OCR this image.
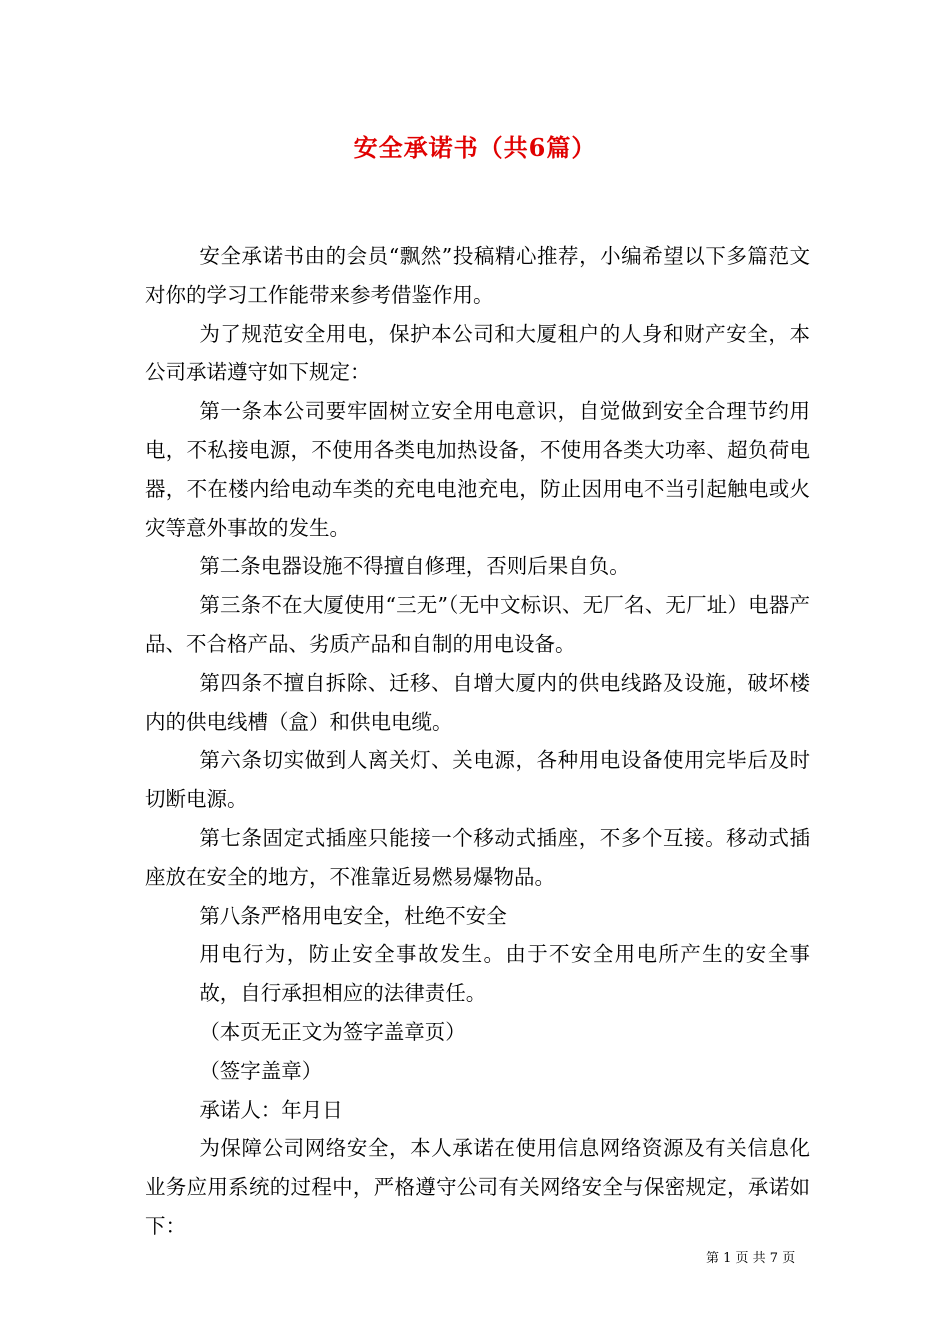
安全承诺书（共6篇）

安全承诺书由的会员“飘然”投稿精心推荐，小编希望以下多篇范文对你的学习工作能带来参考借鉴作用。

为了规范安全用电，保护本公司和大厦租户的人身和财产安全，本公司承诺遵守如下规定：

第一条本公司要牢固树立安全用电意识，自觉做到安全合理节约用电，不私接电源，不使用各类电加热设备，不使用各类大功率、超负荷电器，不在楼内给电动车类的充电电池充电，防止因用电不当引起触电或火灾等意外事故的发生。

第二条电器设施不得擅自修理，否则后果自负。

第三条不在大厦使用“三无”（无中文标识、无厂名、无厂址）电器产品、不合格产品、劣质产品和自制的用电设备。

第四条不擅自拆除、迁移、自增大厦内的供电线路及设施，破坏楼内的供电线槽（盒）和供电电缆。

第六条切实做到人离关灯、关电源，各种用电设备使用完毕后及时切断电源。

第七条固定式插座只能接一个移动式插座，不多个互接。移动式插座放在安全的地方，不准靠近易燃易爆物品。

第八条严格用电安全，杜绝不安全

用电行为，防止安全事故发生。由于不安全用电所产生的安全事故，自行承担相应的法律责任。

（本页无正文为签字盖章页）

（签字盖章）

承诺人：年月日

为保障公司网络安全，本人承诺在使用信息网络资源及有关信息化业务应用系统的过程中，严格遵守公司有关网络安全与保密规定，承诺如下：

第 1 页 共 7 页
